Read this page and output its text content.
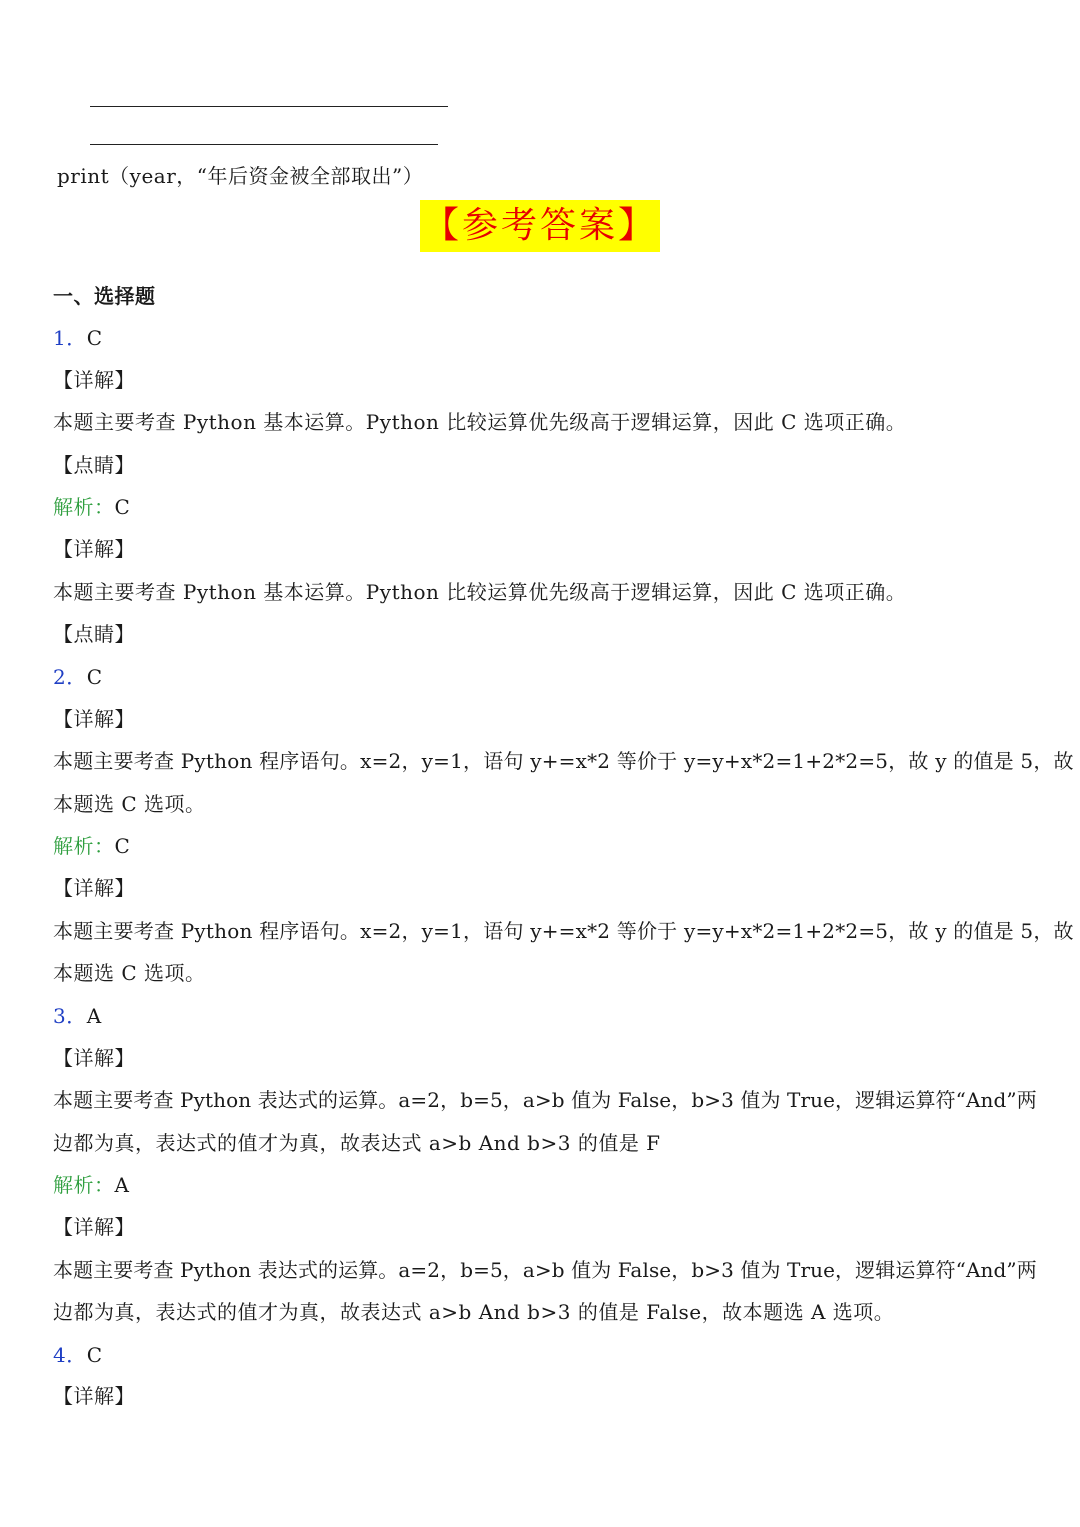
print（year，“年后资金被全部取出”）
【参考答案】
一、选择题
1．C
【详解】
本题主要考查 Python 基本运算。Python 比较运算优先级高于逻辑运算，因此 C 选项正确。
【点睛】
解析：C
【详解】
本题主要考查 Python 基本运算。Python 比较运算优先级高于逻辑运算，因此 C 选项正确。
【点睛】
2．C
【详解】
本题主要考查 Python 程序语句。x=2，y=1，语句 y+=x*2 等价于 y=y+x*2=1+2*2=5，故 y 的值是 5，故
本题选 C 选项。
解析：C
【详解】
本题主要考查 Python 程序语句。x=2，y=1，语句 y+=x*2 等价于 y=y+x*2=1+2*2=5，故 y 的值是 5，故
本题选 C 选项。
3．A
【详解】
本题主要考查 Python 表达式的运算。a=2，b=5，a>b 值为 False，b>3 值为 True，逻辑运算符“And”两
边都为真，表达式的值才为真，故表达式 a>b And b>3 的值是 F
解析：A
【详解】
本题主要考查 Python 表达式的运算。a=2，b=5，a>b 值为 False，b>3 值为 True，逻辑运算符“And”两
边都为真，表达式的值才为真，故表达式 a>b And b>3 的值是 False，故本题选 A 选项。
4．C
【详解】
